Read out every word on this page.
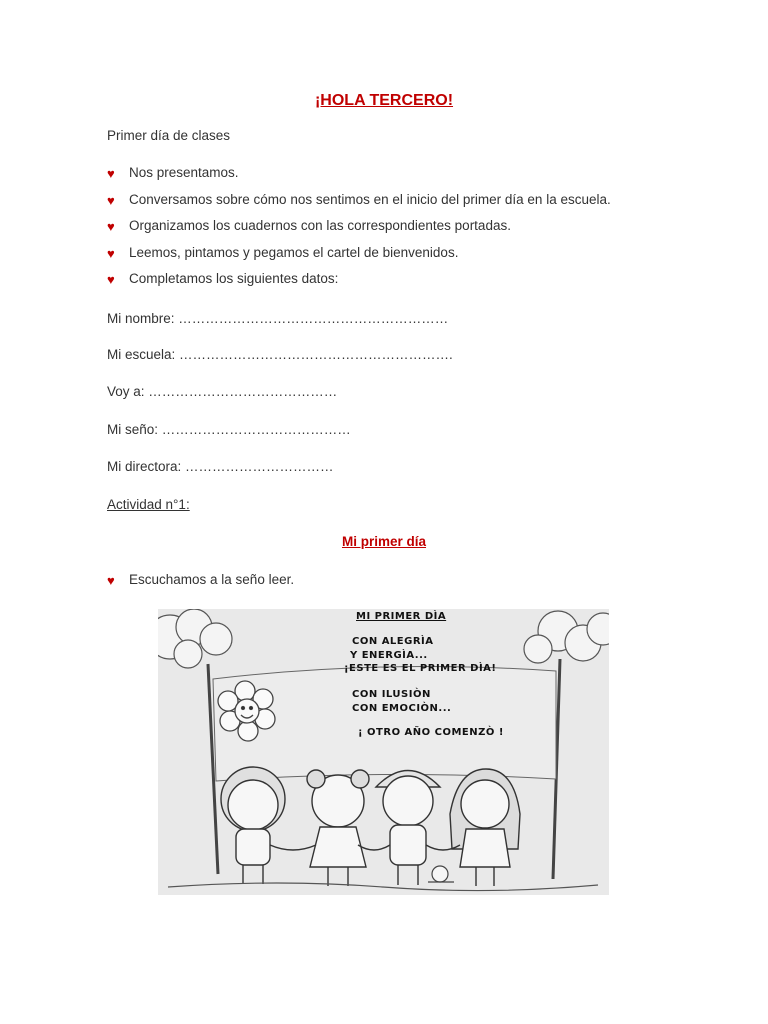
¡HOLA TERCERO!

Primer día de clases

♥	Nos presentamos.
♥	Conversamos sobre cómo nos sentimos en el inicio del primer día en la escuela.
♥	Organizamos los cuadernos con las correspondientes portadas.
♥	Leemos, pintamos y pegamos el cartel de bienvenidos.
♥	Completamos los siguientes datos:

Mi nombre: ……………………………………………………

Mi escuela: …………………………………………………….

Voy a: ……………………………………

Mi seño: ……………………………………

Mi directora: ……………………………

Actividad n°1:

Mi primer día

♥	Escuchamos a la seño leer.

MI PRIMER DÌA
CON ALEGRÌA
Y ENERGÌA...
¡ESTE ES EL PRIMER DÌA!
CON ILUSIÒN
CON EMOCIÒN...
¡ OTRO AÑO COMENZÒ !
